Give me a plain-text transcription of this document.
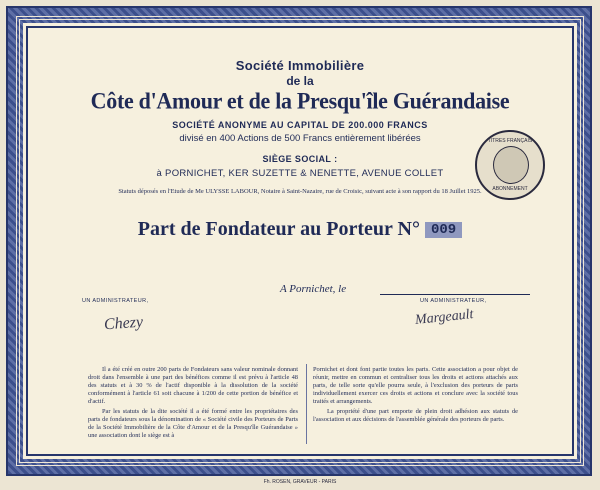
Société Immobilière
de la
Côte d'Amour et de la Presqu'île Guérandaise
SOCIÉTÉ ANONYME AU CAPITAL DE 200.000 FRANCS
divisé en 400 Actions de 500 Francs entièrement libérées
SIÈGE SOCIAL :
à PORNICHET, KER SUZETTE & NENETTE, AVENUE COLLET
Statuts déposés en l'Etude de Me ULYSSE LABOUR, Notaire à Saint-Nazaire, rue de Croisic, suivant acte à son rapport du 18 Juillet 1925.
Part de Fondateur au Porteur N° 009
TITRES FRANÇAIS
ABONNEMENT
A Pornichet, le
UN ADMINISTRATEUR,	UN ADMINISTRATEUR,
Chezy	Margeault

Il a été créé en outre 200 parts de Fondateurs sans valeur nominale donnant droit dans l'ensemble à une part des bénéfices comme il est prévu à l'article 48 des statuts et à 30 % de l'actif disponible à la dissolution de la société conformément à l'article 61 soit chacune à 1/200 de cette portion de bénéfice et d'actif.

Par les statuts de la dite société il a été formé entre les propriétaires des parts de fondateurs sous la dénomination de « Société civile des Porteurs de Parts de la Société Immobilière de la Côte d'Amour et de la Presqu'île Guérandaise » une association dont le siège est à

Pornichet et dont font partie toutes les parts. Cette association a pour objet de réunir, mettre en commun et centraliser tous les droits et actions attachés aux parts, de telle sorte qu'elle pourra seule, à l'exclusion des porteurs de parts individuellement exercer ces droits et actions et conclure avec la société tous traités et arrangements.

La propriété d'une part emporte de plein droit adhésion aux statuts de l'association et aux décisions de l'assemblée générale des porteurs de parts.

Fh. ROSEN, GRAVEUR - PARIS
